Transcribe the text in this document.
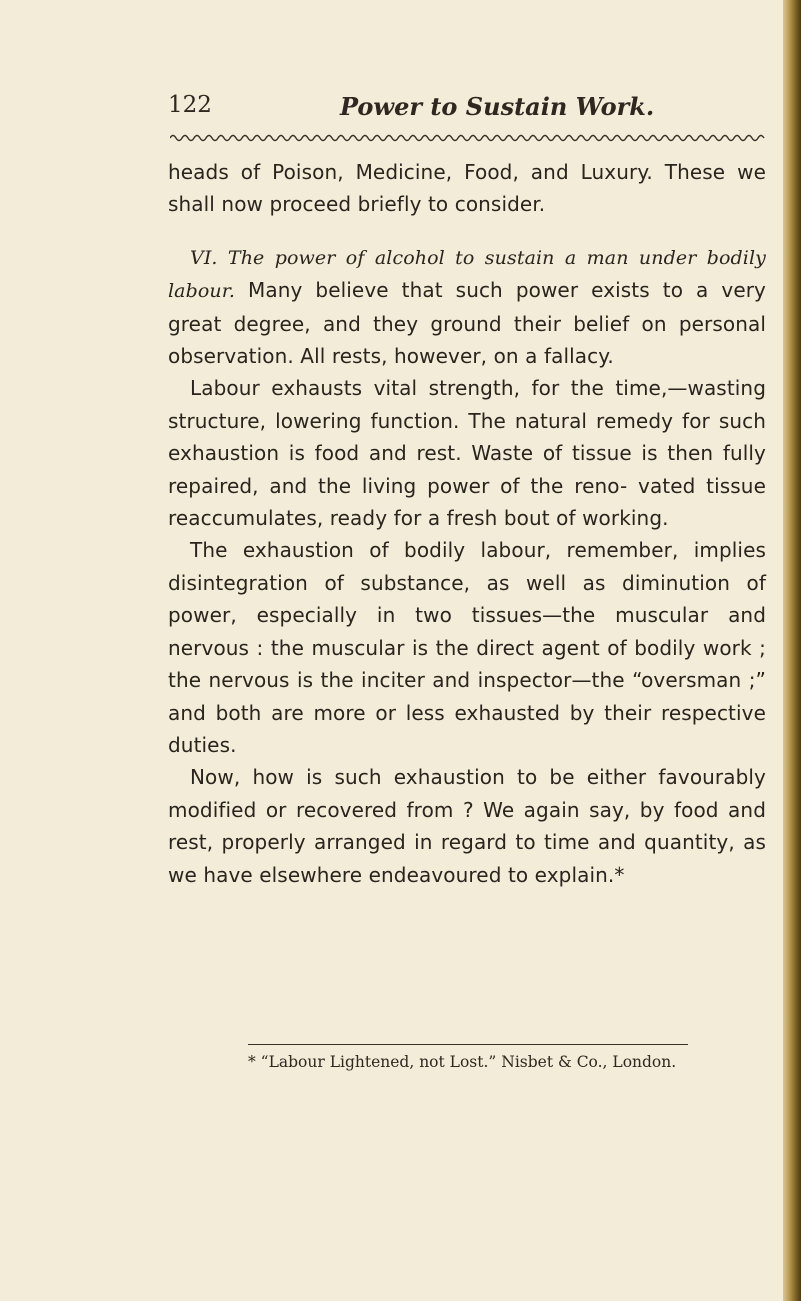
122	Power to Sustain Work.

heads of Poison, Medicine, Food, and Luxury. These we shall now proceed briefly to consider.

VI. The power of alcohol to sustain a man under bodily labour. Many believe that such power exists to a very great degree, and they ground their belief on personal observation. All rests, however, on a fallacy.

Labour exhausts vital strength, for the time,—wasting structure, lowering function. The natural remedy for such exhaustion is food and rest. Waste of tissue is then fully repaired, and the living power of the reno- vated tissue reaccumulates, ready for a fresh bout of working.

The exhaustion of bodily labour, remember, implies disintegration of substance, as well as diminution of power, especially in two tissues—the muscular and nervous : the muscular is the direct agent of bodily work ; the nervous is the inciter and inspector—the “oversman ;” and both are more or less exhausted by their respective duties.

Now, how is such exhaustion to be either favourably modified or recovered from ? We again say, by food and rest, properly arranged in regard to time and quantity, as we have elsewhere endeavoured to explain.*

* “Labour Lightened, not Lost.” Nisbet & Co., London.
